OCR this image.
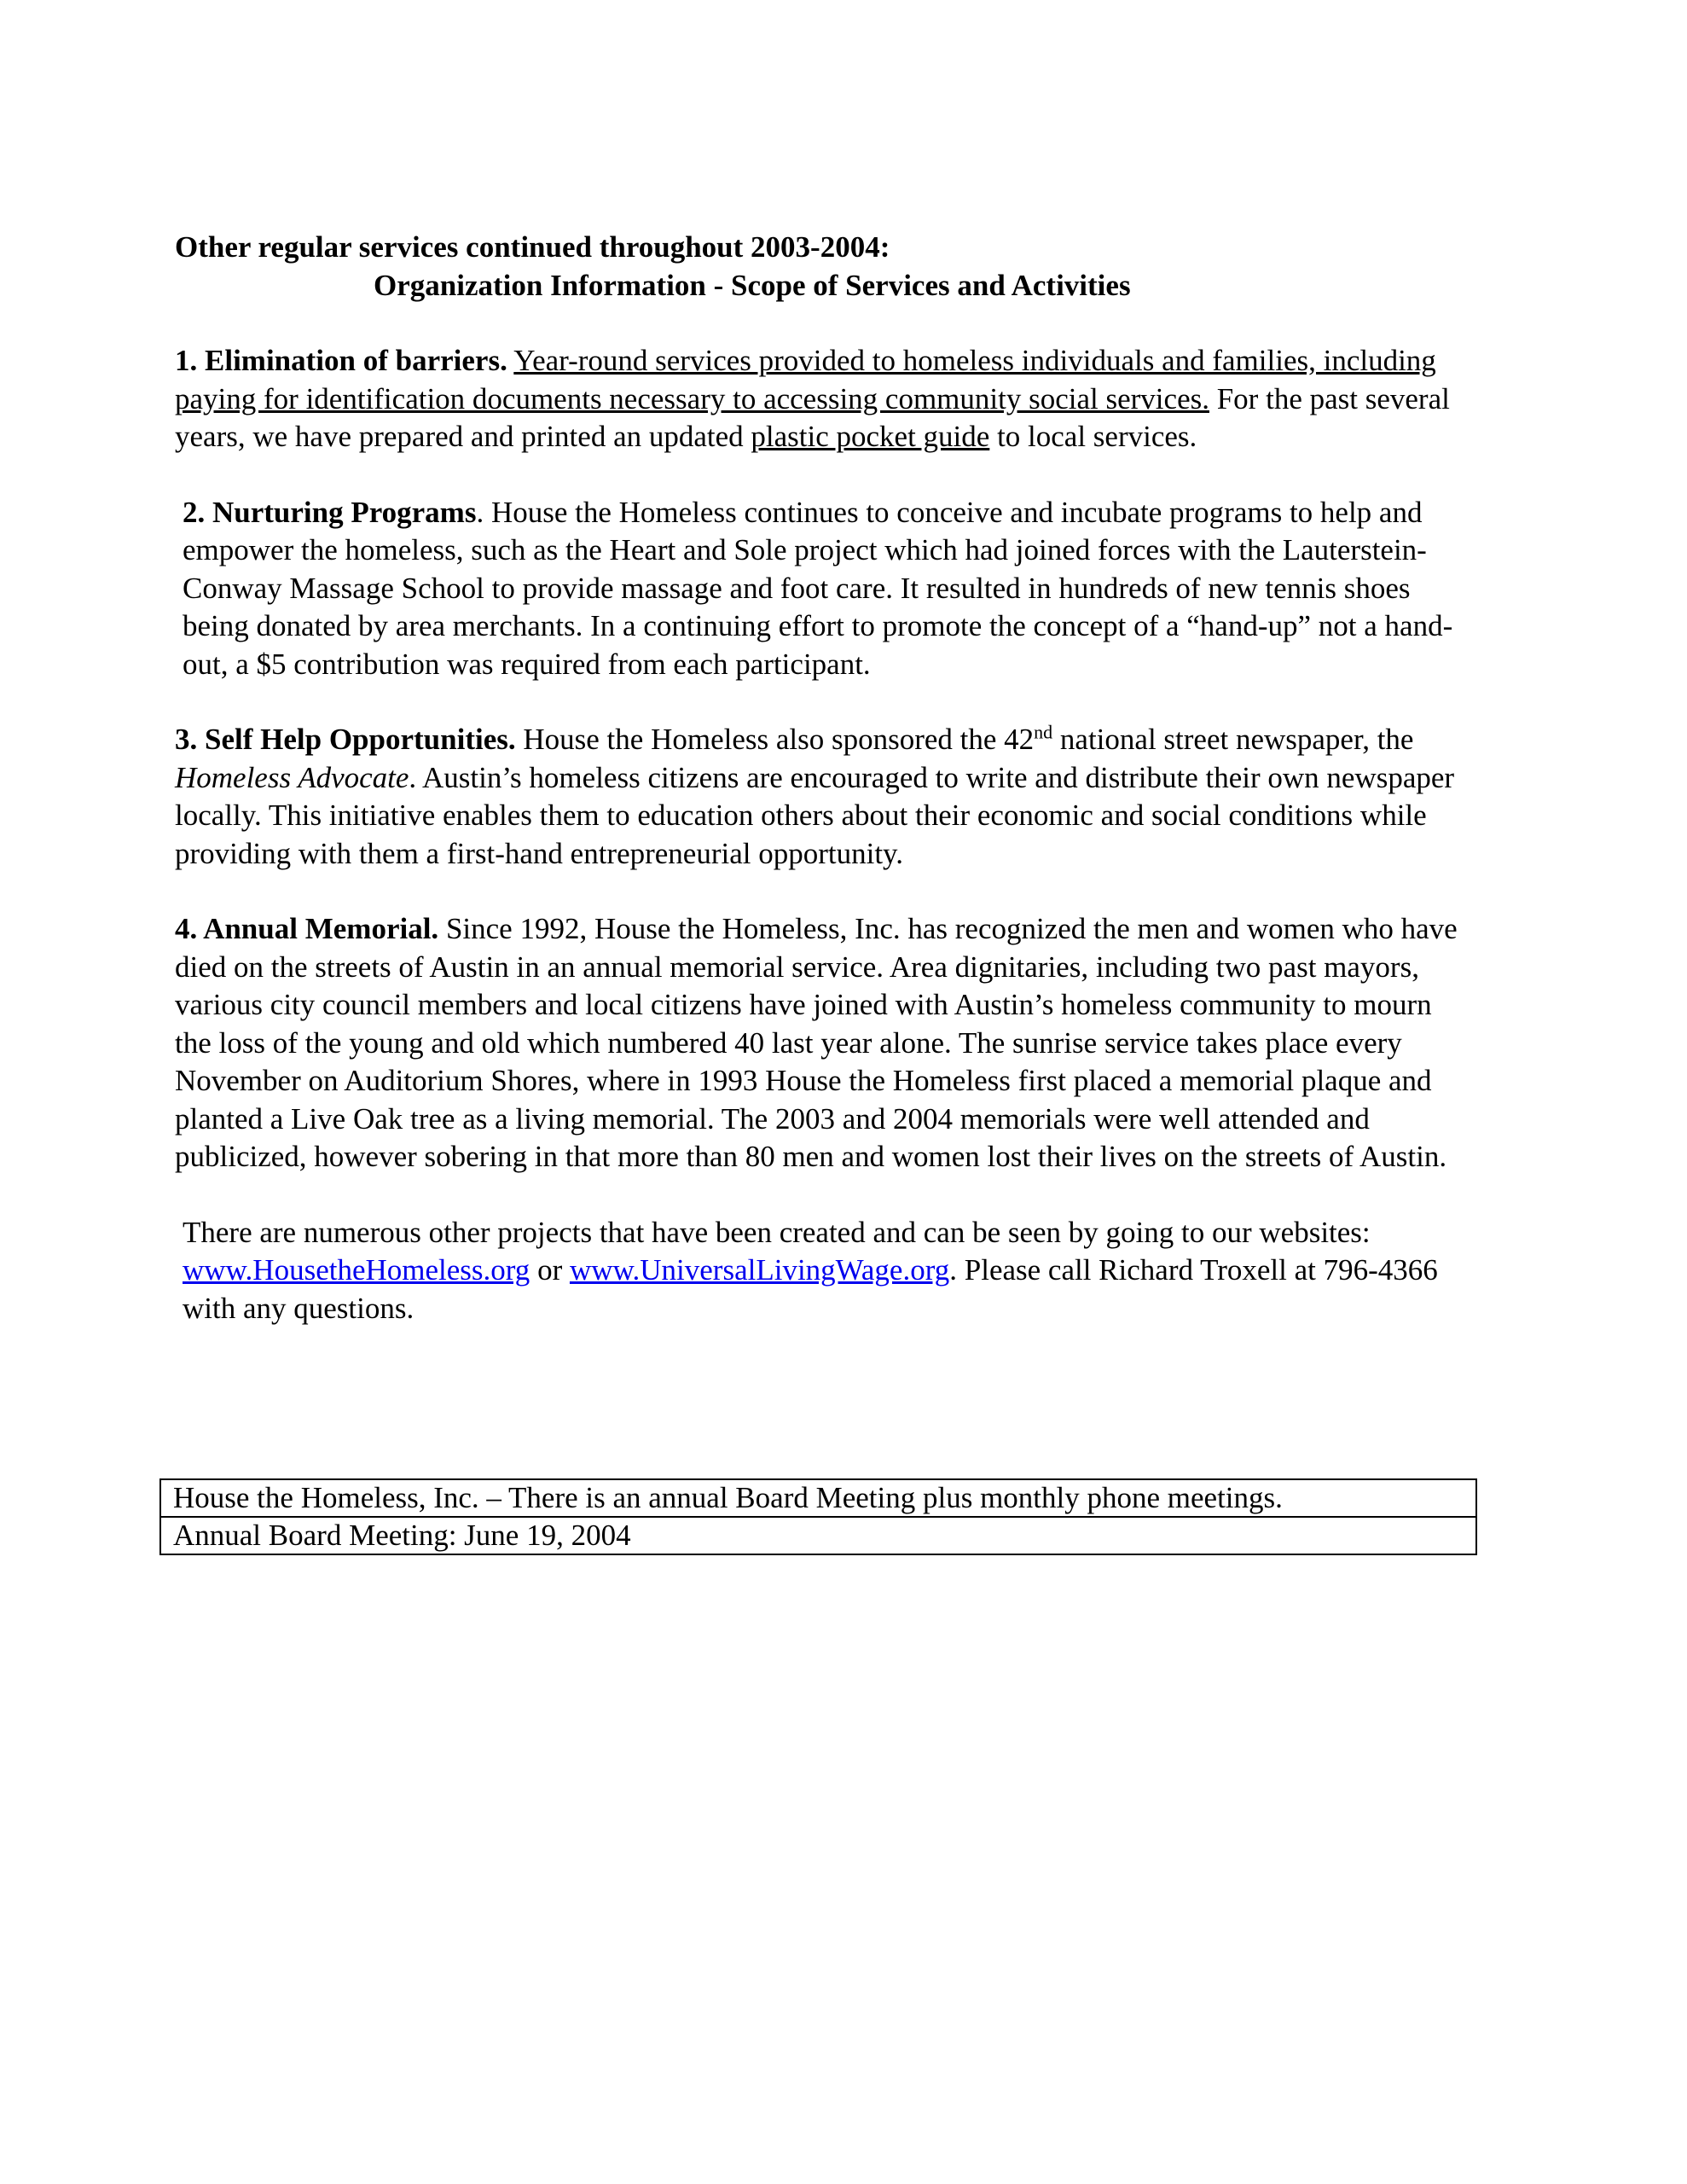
Other regular services continued throughout 2003-2004:
Organization Information - Scope of Services and Activities

1. Elimination of barriers. Year-round services provided to homeless individuals and families, including paying for identification documents necessary to accessing community social services. For the past several years, we have prepared and printed an updated plastic pocket guide to local services.

2. Nurturing Programs. House the Homeless continues to conceive and incubate programs to help and empower the homeless, such as the Heart and Sole project which had joined forces with the Lauterstein-Conway Massage School to provide massage and foot care. It resulted in hundreds of new tennis shoes being donated by area merchants. In a continuing effort to promote the concept of a “hand-up” not a hand-out, a $5 contribution was required from each participant.

3. Self Help Opportunities. House the Homeless also sponsored the 42nd national street newspaper, the Homeless Advocate. Austin’s homeless citizens are encouraged to write and distribute their own newspaper locally. This initiative enables them to education others about their economic and social conditions while providing with them a first-hand entrepreneurial opportunity.

4. Annual Memorial. Since 1992, House the Homeless, Inc. has recognized the men and women who have died on the streets of Austin in an annual memorial service. Area dignitaries, including two past mayors, various city council members and local citizens have joined with Austin’s homeless community to mourn the loss of the young and old which numbered 40 last year alone. The sunrise service takes place every November on Auditorium Shores, where in 1993 House the Homeless first placed a memorial plaque and planted a Live Oak tree as a living memorial. The 2003 and 2004 memorials were well attended and publicized, however sobering in that more than 80 men and women lost their lives on the streets of Austin.

There are numerous other projects that have been created and can be seen by going to our websites: www.HousetheHomeless.org or www.UniversalLivingWage.org. Please call Richard Troxell at 796-4366 with any questions.

House the Homeless, Inc. – There is an annual Board Meeting plus monthly phone meetings.
Annual Board Meeting: June 19, 2004
